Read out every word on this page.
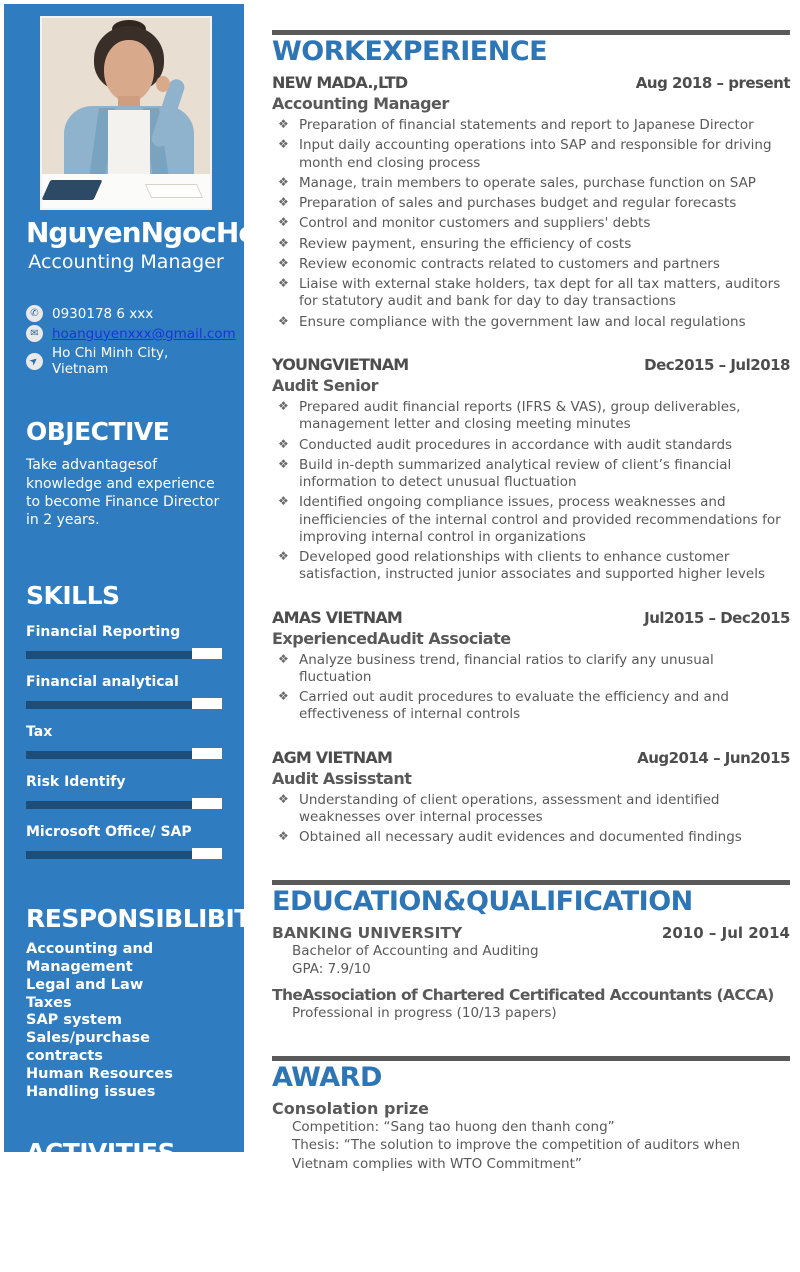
NguyenNgocHoa
Accounting Manager
✆ 0930178 6 xxx
✉ hoanguyenxxx@gmail.com
➤ Ho Chi Minh City, Vietnam
OBJECTIVE
Take advantagesof knowledge and experience to become Finance Director in 2 years.
SKILLS
Financial Reporting
Financial analytical
Tax
Risk Identify
Microsoft Office/ SAP
RESPONSIBLIBITY
Accounting and Management
Legal and Law
Taxes
SAP system
Sales/purchase contracts
Human Resources
Handling issues
ACTIVITIES
Volunteer |Jul 2011
Exam season support
Teacher |Sep to Dec 2011
Tre Xanh Home
WORKEXPERIENCE
NEW MADA.,LTD	Aug 2018 – present
Accounting Manager
❖ Preparation of financial statements and report to Japanese Director
❖ Input daily accounting operations into SAP and responsible for driving month end closing process
❖ Manage, train members to operate sales, purchase function on SAP
❖ Preparation of sales and purchases budget and regular forecasts
❖ Control and monitor customers and suppliers' debts
❖ Review payment, ensuring the efficiency of costs
❖ Review economic contracts related to customers and partners
❖ Liaise with external stake holders, tax dept for all tax matters, auditors for statutory audit and bank for day to day transactions
❖ Ensure compliance with the government law and local regulations
YOUNGVIETNAM	Dec2015 – Jul2018
Audit Senior
❖ Prepared audit financial reports (IFRS & VAS), group deliverables, management letter and closing meeting minutes
❖ Conducted audit procedures in accordance with audit standards
❖ Build in-depth summarized analytical review of client’s financial information to detect unusual fluctuation
❖ Identified ongoing compliance issues, process weaknesses and inefficiencies of the internal control and provided recommendations for improving internal control in organizations
❖ Developed good relationships with clients to enhance customer satisfaction, instructed junior associates and supported higher levels
AMAS VIETNAM	Jul2015 – Dec2015
ExperiencedAudit Associate
❖ Analyze business trend, financial ratios to clarify any unusual fluctuation
❖ Carried out audit procedures to evaluate the efficiency and and effectiveness of internal controls
AGM VIETNAM	Aug2014 – Jun2015
Audit Assisstant
❖ Understanding of client operations, assessment and identified weaknesses over internal processes
❖ Obtained all necessary audit evidences and documented findings
EDUCATION&QUALIFICATION
BANKING UNIVERSITY	2010 – Jul 2014
Bachelor of Accounting and Auditing
GPA: 7.9/10
TheAssociation of Chartered Certificated Accountants (ACCA)
Professional in progress (10/13 papers)
AWARD
Consolation prize
Competition: “Sang tao huong den thanh cong”
Thesis: “The solution to improve the competition of auditors when Vietnam complies with WTO Commitment”
